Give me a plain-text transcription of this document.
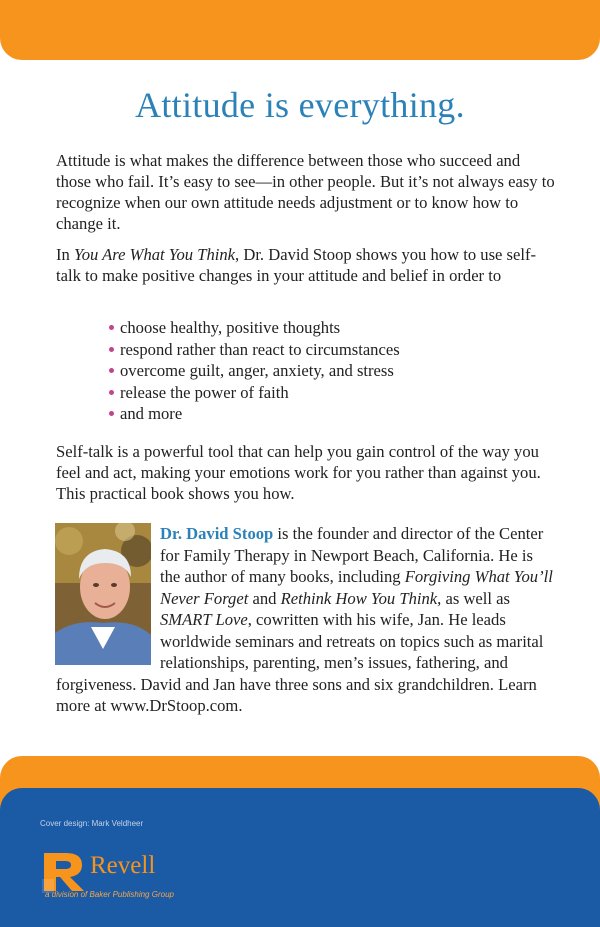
Attitude is everything.

Attitude is what makes the difference between those who succeed and those who fail. It’s easy to see—in other people. But it’s not always easy to recognize when our own attitude needs adjustment or to know how to change it.

In You Are What You Think, Dr. David Stoop shows you how to use self-talk to make positive changes in your attitude and belief in order to

choose healthy, positive thoughts
respond rather than react to circumstances
overcome guilt, anger, anxiety, and stress
release the power of faith
and more

Self-talk is a powerful tool that can help you gain control of the way you feel and act, making your emotions work for you rather than against you. This practical book shows you how.

Dr. David Stoop is the founder and director of the Center for Family Therapy in Newport Beach, California. He is the author of many books, including Forgiving What You’ll Never Forget and Rethink How You Think, as well as SMART Love, cowritten with his wife, Jan. He leads worldwide seminars and retreats on topics such as marital relationships, parenting, men’s issues, fathering, and forgiveness. David and Jan have three sons and six grandchildren. Learn more at www.DrStoop.com.

Cover design: Mark Veldheer

Revell

a division of Baker Publishing Group
